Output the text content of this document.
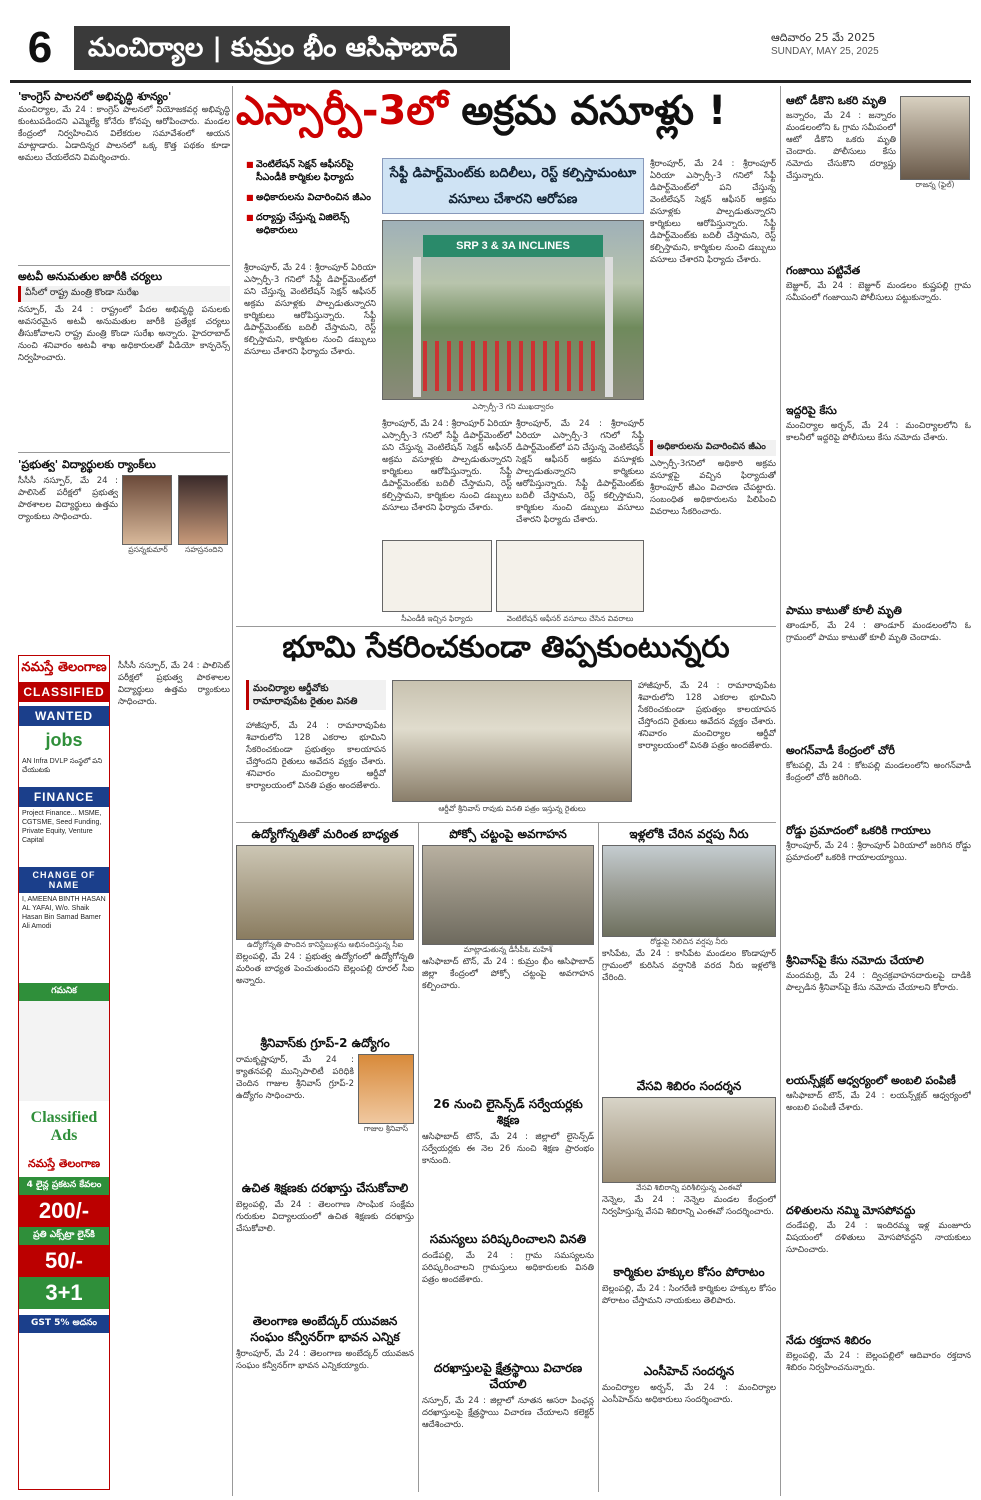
6	మంచిర్యాల | కుమ్రం భీం ఆసిఫాబాద్	ఆదివారం 25 మే 2025
SUNDAY, MAY 25, 2025
'కాంగ్రెస్ పాలనలో అభివృద్ధి శూన్యం'
మంచిర్యాల, మే 24 : కాంగ్రెస్ పాలనలో నియోజకవర్గ అభివృద్ధి కుంటుపడిందని ఎమ్మెల్యే కోనేరు కోనప్ప ఆరోపించారు. మండల కేంద్రంలో నిర్వహించిన విలేకరుల సమావేశంలో ఆయన మాట్లాడారు. ఏడాదిన్నర పాలనలో ఒక్క కొత్త పథకం కూడా అమలు చేయలేదని విమర్శించారు.
అటవీ అనుమతుల జారీకి చర్యలు
వీసీలో రాష్ట్ర మంత్రి కొండా సురేఖ
నస్పూర్, మే 24 : రాష్ట్రంలో పేదల అభివృద్ధి పనులకు అవసరమైన అటవీ అనుమతుల జారీకి ప్రత్యేక చర్యలు తీసుకోవాలని రాష్ట్ర మంత్రి కొండా సురేఖ అన్నారు. హైదరాబాద్ నుంచి శనివారం అటవీ శాఖ అధికారులతో వీడియో కాన్ఫరెన్స్ నిర్వహించారు.
'ప్రభుత్వ' విద్యార్థులకు ర్యాంక్‌లు
సీసీసీ నస్పూర్, మే 24 : పాలిసెట్ పరీక్షలో ప్రభుత్వ పాఠశాలల విద్యార్థులు ఉత్తమ ర్యాంకులు సాధించారు.
ప్రసన్నకుమార్	సహస్రనందిని
నమస్తే తెలంగాణ
CLASSIFIED
WANTED
jobs
AN Infra DVLP సంస్థలో పని చేయుటకు
FINANCE
Project Finance... MSME, CGTSME, Seed Funding, Private Equity, Venture Capital
CHANGE OF NAME
I, AMEENA BINTH HASAN AL YAFAI, W/o. Shaik Hasan Bin Samad Bamer Ali Amodi
గమనిక
Classified Ads
నమస్తే తెలంగాణ
4 లైన్ల ప్రకటన కేవలం
200/-
ప్రతి ఎక్స్‌ట్రా లైన్‌కి
50/-
3+1
GST 5% అదనం
సీసీసీ నస్పూర్, మే 24 : పాలిసెట్ పరీక్షలో ప్రభుత్వ పాఠశాలల విద్యార్థులు ఉత్తమ ర్యాంకులు సాధించారు.
ఎస్సార్పీ-3లో అక్రమ వసూళ్లు !
■ వెంటిలేషన్ సెక్షన్ ఆఫీసర్‌పై సీఎండీకి కార్మికుల ఫిర్యాదు
■ అధికారులను విచారించిన జీఎం
■ దర్యాప్తు చేస్తున్న విజిలెన్స్ అధికారులు
సేఫ్టీ డిపార్ట్‌మెంట్‌కు బదిలీలు, రెస్ట్ కల్పిస్తామంటూ వసూలు చేశారని ఆరోపణ
SRP 3 & 3A INCLINES
ఎస్సార్పీ-3 గని ముఖద్వారం
శ్రీరాంపూర్, మే 24 : శ్రీరాంపూర్ ఏరియా ఎస్సార్పీ-3 గనిలో సేఫ్టీ డిపార్ట్‌మెంట్‌లో పని చేస్తున్న వెంటిలేషన్ సెక్షన్ ఆఫీసర్ అక్రమ వసూళ్లకు పాల్పడుతున్నారని కార్మికులు ఆరోపిస్తున్నారు. సేఫ్టీ డిపార్ట్‌మెంట్‌కు బదిలీ చేస్తామని, రెస్ట్ కల్పిస్తామని, కార్మికుల నుంచి డబ్బులు వసూలు చేశారని ఫిర్యాదు చేశారు.
శ్రీరాంపూర్, మే 24 : శ్రీరాంపూర్ ఏరియా ఎస్సార్పీ-3 గనిలో సేఫ్టీ డిపార్ట్‌మెంట్‌లో పని చేస్తున్న వెంటిలేషన్ సెక్షన్ ఆఫీసర్ అక్రమ వసూళ్లకు పాల్పడుతున్నారని కార్మికులు ఆరోపిస్తున్నారు. సేఫ్టీ డిపార్ట్‌మెంట్‌కు బదిలీ చేస్తామని, రెస్ట్ కల్పిస్తామని, కార్మికుల నుంచి డబ్బులు వసూలు చేశారని ఫిర్యాదు చేశారు.
శ్రీరాంపూర్, మే 24 : శ్రీరాంపూర్ ఏరియా ఎస్సార్పీ-3 గనిలో సేఫ్టీ డిపార్ట్‌మెంట్‌లో పని చేస్తున్న వెంటిలేషన్ సెక్షన్ ఆఫీసర్ అక్రమ వసూళ్లకు పాల్పడుతున్నారని కార్మికులు ఆరోపిస్తున్నారు. సేఫ్టీ డిపార్ట్‌మెంట్‌కు బదిలీ చేస్తామని, రెస్ట్ కల్పిస్తామని, కార్మికుల నుంచి డబ్బులు వసూలు చేశారని ఫిర్యాదు చేశారు.
సీఎండీకి ఇచ్చిన ఫిర్యాదు	వెంటిలేషన్ ఆఫీసర్ వసూలు చేసిన వివరాలు
శ్రీరాంపూర్, మే 24 : శ్రీరాంపూర్ ఏరియా ఎస్సార్పీ-3 గనిలో సేఫ్టీ డిపార్ట్‌మెంట్‌లో పని చేస్తున్న వెంటిలేషన్ సెక్షన్ ఆఫీసర్ అక్రమ వసూళ్లకు పాల్పడుతున్నారని కార్మికులు ఆరోపిస్తున్నారు. సేఫ్టీ డిపార్ట్‌మెంట్‌కు బదిలీ చేస్తామని, రెస్ట్ కల్పిస్తామని, కార్మికుల నుంచి డబ్బులు వసూలు చేశారని ఫిర్యాదు చేశారు.
అధికారులను విచారించిన జీఎం
ఎస్సార్పీ-3గనిలో అధికారి అక్రమ వసూళ్లపై వచ్చిన ఫిర్యాదుతో శ్రీరాంపూర్ జీఎం విచారణ చేపట్టారు. సంబంధిత అధికారులను పిలిపించి వివరాలు సేకరించారు.
భూమి సేకరించకుండా తిప్పకుంటున్నరు
మంచిర్యాల ఆర్డీవోకు రామారావుపేట రైతుల వినతి
హాజీపూర్, మే 24 : రామారావుపేట శివారులోని 128 ఎకరాల భూమిని సేకరించకుండా ప్రభుత్వం కాలయాపన చేస్తోందని రైతులు ఆవేదన వ్యక్తం చేశారు. శనివారం మంచిర్యాల ఆర్డీవో కార్యాలయంలో వినతి పత్రం అందజేశారు.
ఆర్డీవో శ్రీనివాస్ రావుకు వినతి పత్రం ఇస్తున్న రైతులు
హాజీపూర్, మే 24 : రామారావుపేట శివారులోని 128 ఎకరాల భూమిని సేకరించకుండా ప్రభుత్వం కాలయాపన చేస్తోందని రైతులు ఆవేదన వ్యక్తం చేశారు. శనివారం మంచిర్యాల ఆర్డీవో కార్యాలయంలో వినతి పత్రం అందజేశారు.
ఉద్యోగోన్నతితో మరింత బాధ్యత
ఉద్యోగోన్నతి పొందిన కానిస్టేబుళ్లను అభినందిస్తున్న సీఐ
బెల్లంపల్లి, మే 24 : ప్రభుత్వ ఉద్యోగంలో ఉద్యోగోన్నతి మరింత బాధ్యత పెంచుతుందని బెల్లంపల్లి రూరల్ సీఐ అన్నారు.
శ్రీనివాస్‌కు గ్రూప్-2 ఉద్యోగం
రామకృష్ణాపూర్, మే 24 : క్యాతనపల్లి మున్సిపాలిటీ పరిధికి చెందిన గాజుల శ్రీనివాస్ గ్రూప్-2 ఉద్యోగం సాధించారు.
గాజుల శ్రీనివాస్
ఉచిత శిక్షణకు దరఖాస్తు చేసుకోవాలి
బెల్లంపల్లి, మే 24 : తెలంగాణ సాంఘిక సంక్షేమ గురుకుల విద్యాలయంలో ఉచిత శిక్షణకు దరఖాస్తు చేసుకోవాలి.
తెలంగాణ అంబేద్కర్ యువజన సంఘం కన్వీనర్‌గా భావన ఎన్నిక
శ్రీరాంపూర్, మే 24 : తెలంగాణ అంబేద్కర్ యువజన సంఘం కన్వీనర్‌గా భావన ఎన్నికయ్యారు.
పోక్సో చట్టంపై అవగాహన
మాట్లాడుతున్న డీసీపీఓ మహేశ్
ఆసిఫాబాద్ టౌన్, మే 24 : కుమ్రం భీం ఆసిఫాబాద్ జిల్లా కేంద్రంలో పోక్సో చట్టంపై అవగాహన కల్పించారు.
26 నుంచి లైసెన్స్‌డ్ సర్వేయర్లకు శిక్షణ
ఆసిఫాబాద్ టౌన్, మే 24 : జిల్లాలో లైసెన్స్‌డ్ సర్వేయర్లకు ఈ నెల 26 నుంచి శిక్షణ ప్రారంభం కానుంది.
సమస్యలు పరిష్కరించాలని వినతి
దండేపల్లి, మే 24 : గ్రామ సమస్యలను పరిష్కరించాలని గ్రామస్తులు అధికారులకు వినతి పత్రం అందజేశారు.
దరఖాస్తులపై క్షేత్రస్థాయి విచారణ చేయాలి
నస్పూర్, మే 24 : జిల్లాలో నూతన ఆసరా పింఛన్ల దరఖాస్తులపై క్షేత్రస్థాయి విచారణ చేయాలని కలెక్టర్ ఆదేశించారు.
ఇళ్లలోకి చేరిన వర్షపు నీరు
రోడ్డుపై నిలిచిన వర్షపు నీరు
కాసిపేట, మే 24 : కాసిపేట మండలం కొండాపూర్ గ్రామంలో కురిసిన వర్షానికి వరద నీరు ఇళ్లలోకి చేరింది.
వేసవి శిబిరం సందర్శన
వేసవి శిబిరాన్ని పరిశీలిస్తున్న ఎంఈవో
నెన్నెల, మే 24 : నెన్నెల మండల కేంద్రంలో నిర్వహిస్తున్న వేసవి శిబిరాన్ని ఎంఈవో సందర్శించారు.
కార్మికుల హక్కుల కోసం పోరాటం
బెల్లంపల్లి, మే 24 : సింగరేణి కార్మికుల హక్కుల కోసం పోరాటం చేస్తామని నాయకులు తెలిపారు.
ఎంసీహెచ్ సందర్శన
మంచిర్యాల అర్బన్, మే 24 : మంచిర్యాల ఎంసీహెచ్‌ను అధికారులు సందర్శించారు.
ఆటో డీకొని ఒకరి మృతి
జన్నారం, మే 24 : జన్నారం మండలంలోని ఓ గ్రామ సమీపంలో ఆటో డీకొని ఒకరు మృతి చెందారు. పోలీసులు కేసు నమోదు చేసుకొని దర్యాప్తు చేస్తున్నారు.
రాజన్న (ఫైల్)
గంజాయి పట్టివేత
బెజ్జూర్, మే 24 : బెజ్జూర్ మండలం కుష్ణపల్లి గ్రామ సమీపంలో గంజాయిని పోలీసులు పట్టుకున్నారు.
ఇద్దరిపై కేసు
మంచిర్యాల అర్బన్, మే 24 : మంచిర్యాలలోని ఓ కాలనీలో ఇద్దరిపై పోలీసులు కేసు నమోదు చేశారు.
పాము కాటుతో కూలీ మృతి
తాండూర్, మే 24 : తాండూర్ మండలంలోని ఓ గ్రామంలో పాము కాటుతో కూలీ మృతి చెందాడు.
అంగన్‌వాడీ కేంద్రంలో చోరీ
కోటపల్లి, మే 24 : కోటపల్లి మండలంలోని అంగన్‌వాడీ కేంద్రంలో చోరీ జరిగింది.
రోడ్డు ప్రమాదంలో ఒకరికి గాయాలు
శ్రీరాంపూర్, మే 24 : శ్రీరాంపూర్ ఏరియాలో జరిగిన రోడ్డు ప్రమాదంలో ఒకరికి గాయాలయ్యాయి.
శ్రీనివాస్‌పై కేసు నమోదు చేయాలి
మందమర్రి, మే 24 : ద్విచక్రవాహనదారులపై దాడికి పాల్పడిన శ్రీనివాస్‌పై కేసు నమోదు చేయాలని కోరారు.
లయన్స్‌క్లబ్ ఆధ్వర్యంలో అంబలి పంపిణీ
ఆసిఫాబాద్ టౌన్, మే 24 : లయన్స్‌క్లబ్ ఆధ్వర్యంలో అంబలి పంపిణీ చేశారు.
దళితులను నమ్మి మోసపోవద్దు
దండేపల్లి, మే 24 : ఇందిరమ్మ ఇళ్ల మంజూరు విషయంలో దళితులు మోసపోవద్దని నాయకులు సూచించారు.
నేడు రక్తదాన శిబిరం
బెల్లంపల్లి, మే 24 : బెల్లంపల్లిలో ఆదివారం రక్తదాన శిబిరం నిర్వహించనున్నారు.
